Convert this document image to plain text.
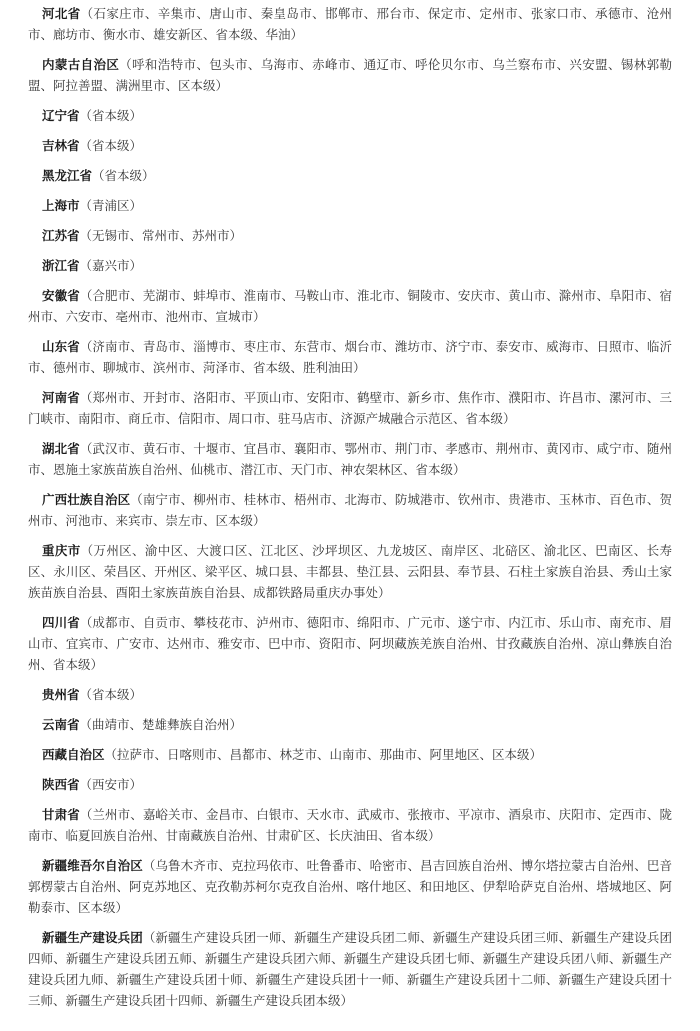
河北省（石家庄市、辛集市、唐山市、秦皇岛市、邯郸市、邢台市、保定市、定州市、张家口市、承德市、沧州市、廊坊市、衡水市、雄安新区、省本级、华油）

内蒙古自治区（呼和浩特市、包头市、乌海市、赤峰市、通辽市、呼伦贝尔市、乌兰察布市、兴安盟、锡林郭勒盟、阿拉善盟、满洲里市、区本级）

辽宁省（省本级）

吉林省（省本级）

黑龙江省（省本级）

上海市（青浦区）

江苏省（无锡市、常州市、苏州市）

浙江省（嘉兴市）

安徽省（合肥市、芜湖市、蚌埠市、淮南市、马鞍山市、淮北市、铜陵市、安庆市、黄山市、滁州市、阜阳市、宿州市、六安市、亳州市、池州市、宣城市）

山东省（济南市、青岛市、淄博市、枣庄市、东营市、烟台市、潍坊市、济宁市、泰安市、威海市、日照市、临沂市、德州市、聊城市、滨州市、菏泽市、省本级、胜利油田）

河南省（郑州市、开封市、洛阳市、平顶山市、安阳市、鹤壁市、新乡市、焦作市、濮阳市、许昌市、漯河市、三门峡市、南阳市、商丘市、信阳市、周口市、驻马店市、济源产城融合示范区、省本级）

湖北省（武汉市、黄石市、十堰市、宜昌市、襄阳市、鄂州市、荆门市、孝感市、荆州市、黄冈市、咸宁市、随州市、恩施土家族苗族自治州、仙桃市、潜江市、天门市、神农架林区、省本级）

广西壮族自治区（南宁市、柳州市、桂林市、梧州市、北海市、防城港市、钦州市、贵港市、玉林市、百色市、贺州市、河池市、来宾市、崇左市、区本级）

重庆市（万州区、渝中区、大渡口区、江北区、沙坪坝区、九龙坡区、南岸区、北碚区、渝北区、巴南区、长寿区、永川区、荣昌区、开州区、梁平区、城口县、丰都县、垫江县、云阳县、奉节县、石柱土家族自治县、秀山土家族苗族自治县、酉阳土家族苗族自治县、成都铁路局重庆办事处）

四川省（成都市、自贡市、攀枝花市、泸州市、德阳市、绵阳市、广元市、遂宁市、内江市、乐山市、南充市、眉山市、宜宾市、广安市、达州市、雅安市、巴中市、资阳市、阿坝藏族羌族自治州、甘孜藏族自治州、凉山彝族自治州、省本级）

贵州省（省本级）

云南省（曲靖市、楚雄彝族自治州）

西藏自治区（拉萨市、日喀则市、昌都市、林芝市、山南市、那曲市、阿里地区、区本级）

陕西省（西安市）

甘肃省（兰州市、嘉峪关市、金昌市、白银市、天水市、武威市、张掖市、平凉市、酒泉市、庆阳市、定西市、陇南市、临夏回族自治州、甘南藏族自治州、甘肃矿区、长庆油田、省本级）

新疆维吾尔自治区（乌鲁木齐市、克拉玛依市、吐鲁番市、哈密市、昌吉回族自治州、博尔塔拉蒙古自治州、巴音郭楞蒙古自治州、阿克苏地区、克孜勒苏柯尔克孜自治州、喀什地区、和田地区、伊犁哈萨克自治州、塔城地区、阿勒泰市、区本级）

新疆生产建设兵团（新疆生产建设兵团一师、新疆生产建设兵团二师、新疆生产建设兵团三师、新疆生产建设兵团四师、新疆生产建设兵团五师、新疆生产建设兵团六师、新疆生产建设兵团七师、新疆生产建设兵团八师、新疆生产建设兵团九师、新疆生产建设兵团十师、新疆生产建设兵团十一师、新疆生产建设兵团十二师、新疆生产建设兵团十三师、新疆生产建设兵团十四师、新疆生产建设兵团本级）
